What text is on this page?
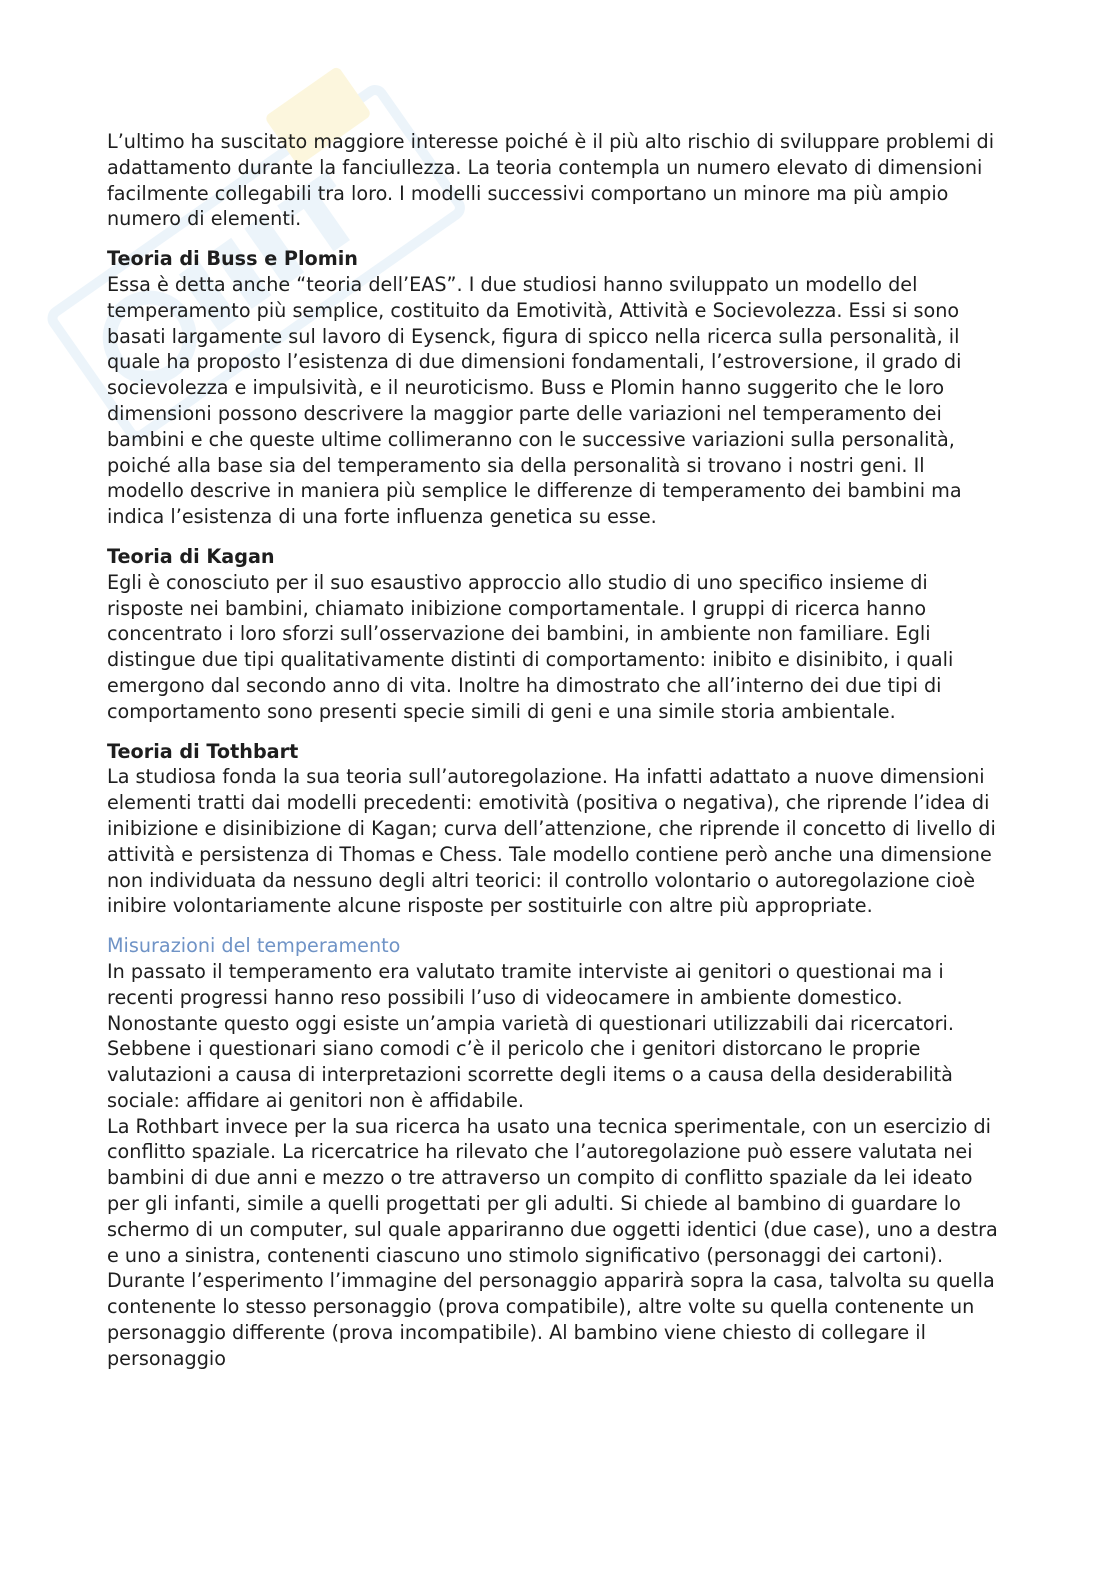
L’ultimo ha suscitato maggiore interesse poiché è il più alto rischio di sviluppare problemi di adattamento durante la fanciullezza. La teoria contempla un numero elevato di dimensioni facilmente collegabili tra loro. I modelli successivi comportano un minore ma più ampio numero di elementi.

Teoria di Buss e Plomin

Essa è detta anche “teoria dell’EAS”. I due studiosi hanno sviluppato un modello del temperamento più semplice, costituito da Emotività, Attività e Socievolezza. Essi si sono basati largamente sul lavoro di Eysenck, figura di spicco nella ricerca sulla personalità, il quale ha proposto l’esistenza di due dimensioni fondamentali, l’estroversione, il grado di socievolezza e impulsività, e il neuroticismo. Buss e Plomin hanno suggerito che le loro dimensioni possono descrivere la maggior parte delle variazioni nel temperamento dei bambini e che queste ultime collimeranno con le successive variazioni sulla personalità, poiché alla base sia del temperamento sia della personalità si trovano i nostri geni. Il modello descrive in maniera più semplice le differenze di temperamento dei bambini ma indica l’esistenza di una forte influenza genetica su esse.

Teoria di Kagan

Egli è conosciuto per il suo esaustivo approccio allo studio di uno specifico insieme di risposte nei bambini, chiamato inibizione comportamentale. I gruppi di ricerca hanno concentrato i loro sforzi sull’osservazione dei bambini, in ambiente non familiare. Egli distingue due tipi qualitativamente distinti di comportamento: inibito e disinibito, i quali emergono dal secondo anno di vita. Inoltre ha dimostrato che all’interno dei due tipi di comportamento sono presenti specie simili di geni e una simile storia ambientale.

Teoria di Tothbart

La studiosa fonda la sua teoria sull’autoregolazione. Ha infatti adattato a nuove dimensioni elementi tratti dai modelli precedenti: emotività (positiva o negativa), che riprende l’idea di inibizione e disinibizione di Kagan; curva dell’attenzione, che riprende il concetto di livello di attività e persistenza di Thomas e Chess. Tale modello contiene però anche una dimensione non individuata da nessuno degli altri teorici: il controllo volontario o autoregolazione cioè inibire volontariamente alcune risposte per sostituirle con altre più appropriate.

Misurazioni del temperamento

In passato il temperamento era valutato tramite interviste ai genitori o questionai ma i recenti progressi hanno reso possibili l’uso di videocamere in ambiente domestico. Nonostante questo oggi esiste un’ampia varietà di questionari utilizzabili dai ricercatori. Sebbene i questionari siano comodi c’è il pericolo che i genitori distorcano le proprie valutazioni a causa di interpretazioni scorrette degli items o a causa della desiderabilità sociale: affidare ai genitori non è affidabile.

La Rothbart invece per la sua ricerca ha usato una tecnica sperimentale, con un esercizio di conflitto spaziale. La ricercatrice ha rilevato che l’autoregolazione può essere valutata nei bambini di due anni e mezzo o tre attraverso un compito di conflitto spaziale da lei ideato per gli infanti, simile a quelli progettati per gli adulti. Si chiede al bambino di guardare lo schermo di un computer, sul quale appariranno due oggetti identici (due case), uno a destra e uno a sinistra, contenenti ciascuno uno stimolo significativo (personaggi dei cartoni). Durante l’esperimento l’immagine del personaggio apparirà sopra la casa, talvolta su quella contenente lo stesso personaggio (prova compatibile), altre volte su quella contenente un personaggio differente (prova incompatibile). Al bambino viene chiesto di collegare il personaggio
